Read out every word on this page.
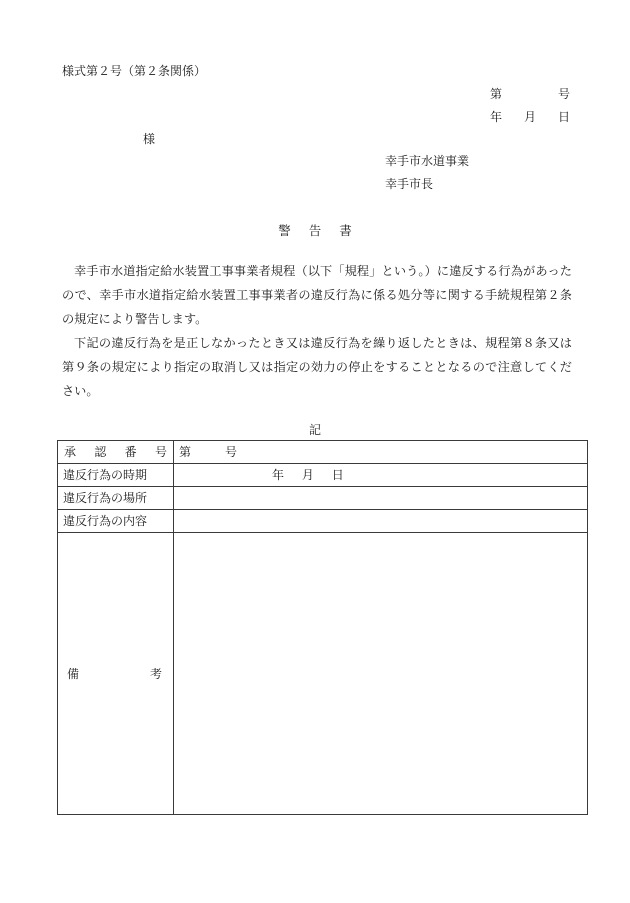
様式第２号（第２条関係）
第	号
年 月 日
様
幸手市水道事業
幸手市長
警 告 書
幸手市水道指定給水装置工事事業者規程（以下「規程」という。）に違反する行為があったので、幸手市水道指定給水装置工事事業者の違反行為に係る処分等に関する手続規程第２条の規定により警告します。
下記の違反行為を是正しなかったとき又は違反行為を繰り返したときは、規程第８条又は第９条の規定により指定の取消し又は指定の効力の停止をすることとなるので注意してください。
記
承 認 番 号	第 号

違反行為の時期	年 月 日
違反行為の場所	
違反行為の内容	

備 考	
